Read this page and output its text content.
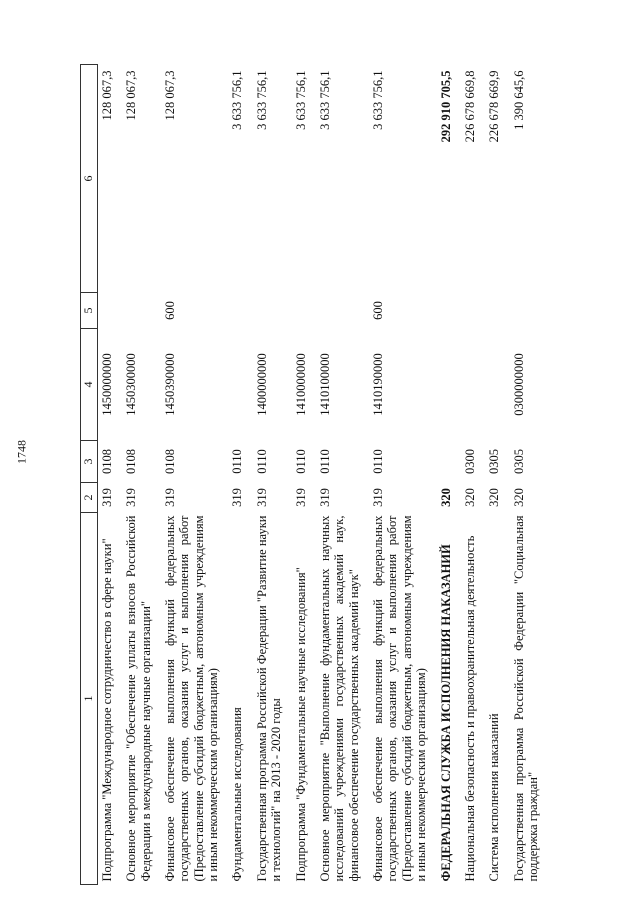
1748
1	2	3	4	5	6
Подпрограмма "Международное сотрудничество в сфере науки"	319	0108	1450000000		128 067,3
Основное мероприятие "Обеспечение уплаты взносов Российской Федерации в международные научные организации"	319	0108	1450300000		128 067,3
Финансовое обеспечение выполнения функций федеральных государственных органов, оказания услуг и выполнения работ (Предоставление субсидий бюджетным, автономным учреждениям и иным некоммерческим организациям)	319	0108	1450390000	600	128 067,3
Фундаментальные исследования	319	0110			3 633 756,1
Государственная программа Российской Федерации "Развитие науки и технологий" на 2013 - 2020 годы	319	0110	1400000000		3 633 756,1
Подпрограмма "Фундаментальные научные исследования"	319	0110	1410000000		3 633 756,1
Основное мероприятие "Выполнение фундаментальных научных исследований учреждениями государственных академий наук, финансовое обеспечение государственных академий наук"	319	0110	1410100000		3 633 756,1
Финансовое обеспечение выполнения функций федеральных государственных органов, оказания услуг и выполнения работ (Предоставление субсидий бюджетным, автономным учреждениям и иным некоммерческим организациям)	319	0110	1410190000	600	3 633 756,1
ФЕДЕРАЛЬНАЯ СЛУЖБА ИСПОЛНЕНИЯ НАКАЗАНИЙ	320				292 910 705,5
Национальная безопасность и правоохранительная деятельность	320	0300			226 678 669,8
Система исполнения наказаний	320	0305			226 678 669,9
Государственная программа Российской Федерации "Социальная поддержка граждан"	320	0305	0300000000		1 390 645,6
